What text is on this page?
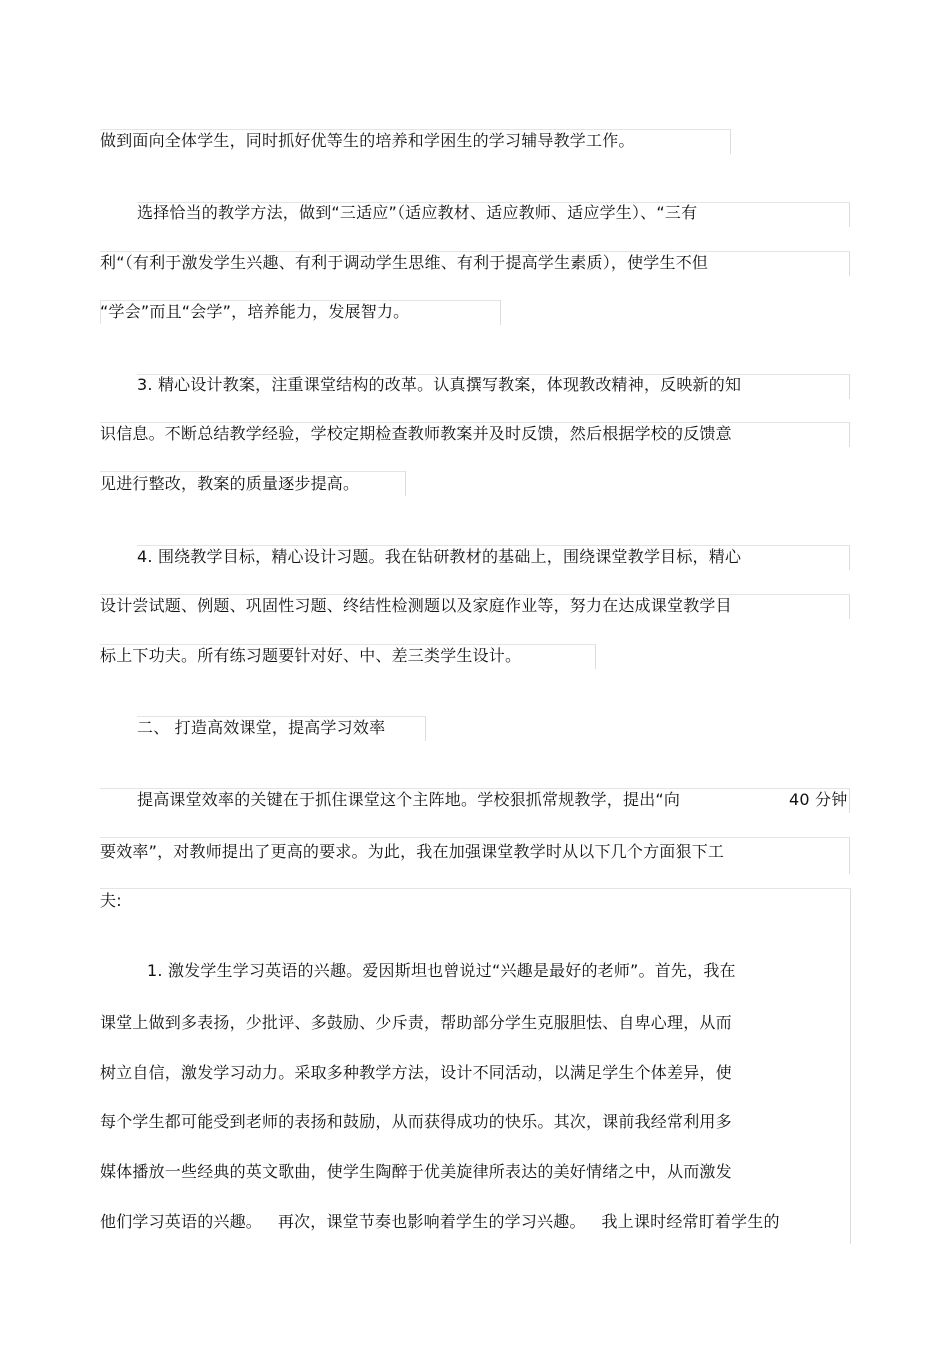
做到面向全体学生，同时抓好优等生的培养和学困生的学习辅导教学工作。
选择恰当的教学方法，做到“三适应”（适应教材、适应教师、适应学生）、“三有
利“（有利于激发学生兴趣、有利于调动学生思维、有利于提高学生素质），使学生不但
“学会”而且“会学”，培养能力，发展智力。
3. 精心设计教案，注重课堂结构的改革。认真撰写教案，体现教改精神，反映新的知
识信息。不断总结教学经验，学校定期检查教师教案并及时反馈，然后根据学校的反馈意
见进行整改，教案的质量逐步提高。
4. 围绕教学目标，精心设计习题。我在钻研教材的基础上，围绕课堂教学目标，精心
设计尝试题、例题、巩固性习题、终结性检测题以及家庭作业等，努力在达成课堂教学目
标上下功夫。所有练习题要针对好、中、差三类学生设计。
二、 打造高效课堂，提高学习效率
提高课堂效率的关键在于抓住课堂这个主阵地。学校狠抓常规教学，提出“向	40 分钟
要效率”，对教师提出了更高的要求。为此，我在加强课堂教学时从以下几个方面狠下工
夫:
1. 激发学生学习英语的兴趣。爱因斯坦也曾说过“兴趣是最好的老师”。首先，我在
课堂上做到多表扬，少批评、多鼓励、少斥责，帮助部分学生克服胆怯、自卑心理，从而
树立自信，激发学习动力。采取多种教学方法，设计不同活动，以满足学生个体差异，使
每个学生都可能受到老师的表扬和鼓励，从而获得成功的快乐。其次，课前我经常利用多
媒体播放一些经典的英文歌曲，使学生陶醉于优美旋律所表达的美好情绪之中，从而激发
他们学习英语的兴趣。   再次，课堂节奏也影响着学生的学习兴趣。   我上课时经常盯着学生的
